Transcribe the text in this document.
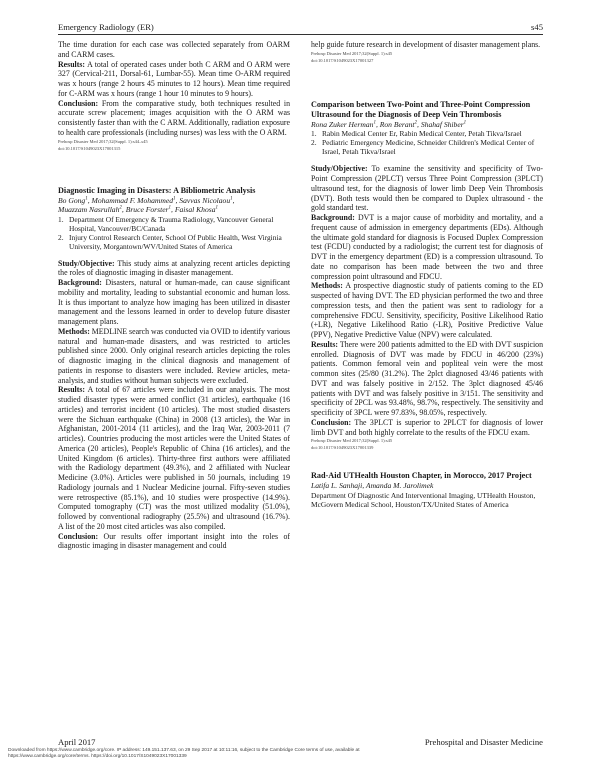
Emergency Radiology (ER)	s45

The time duration for each case was collected separately from OARM and CARM cases.

Results: A total of operated cases under both C ARM and O ARM were 327 (Cervical-211, Dorsal-61, Lumbar-55). Mean time O-ARM required was x hours (range 2 hours 45 minutes to 12 hours). Mean time required for C-ARM was x hours (range 1 hour 10 minutes to 9 hours).

Conclusion: From the comparative study, both techniques resulted in accurate screw placement; images acquisition with the O ARM was consistently faster than with the C ARM. Additionally, radiation exposure to health care professionals (including nurses) was less with the O ARM.

Prehosp Disaster Med 2017;32(Suppl. 1):s44–s45
doi:10.1017/S1049023X17001315
Diagnostic Imaging in Disasters: A Bibliometric Analysis
Bo Gong$^1$, Mohammad F. Mohammed$^1$, Savvas Nicolaou$^1$,
Muazzam Nasrullah$^2$, Bruce Forster$^1$, Faisal Khosa$^1$
1. Department Of Emergency & Trauma Radiology, Vancouver General Hospital, Vancouver/BC/Canada
2. Injury Control Research Center, School Of Public Health, West Virginia University, Morgantown/WV/United States of America

Study/Objective: This study aims at analyzing recent articles depicting the roles of diagnostic imaging in disaster management.

Background: Disasters, natural or human-made, can cause significant mobility and mortality, leading to substantial economic and human loss. It is thus important to analyze how imaging has been utilized in disaster management and the lessons learned in order to develop future disaster management plans.

Methods: MEDLINE search was conducted via OVID to identify various natural and human-made disasters, and was restricted to articles published since 2000. Only original research articles depicting the roles of diagnostic imaging in the clinical diagnosis and management of patients in response to disasters were included. Review articles, meta-analysis, and studies without human subjects were excluded.

Results: A total of 67 articles were included in our analysis. The most studied disaster types were armed conflict (31 articles), earthquake (16 articles) and terrorist incident (10 articles). The most studied disasters were the Sichuan earthquake (China) in 2008 (13 articles), the War in Afghanistan, 2001-2014 (11 articles), and the Iraq War, 2003-2011 (7 articles). Countries producing the most articles were the United States of America (20 articles), People's Republic of China (16 articles), and the United Kingdom (6 articles). Thirty-three first authors were affiliated with the Radiology department (49.3%), and 2 affiliated with Nuclear Medicine (3.0%). Articles were published in 50 journals, including 19 Radiology journals and 1 Nuclear Medicine journal. Fifty-seven studies were retrospective (85.1%), and 10 studies were prospective (14.9%). Computed tomography (CT) was the most utilized modality (51.0%), followed by conventional radiography (25.5%) and ultrasound (16.7%). A list of the 20 most cited articles was also compiled.

Conclusion: Our results offer important insight into the roles of diagnostic imaging in disaster management and could

help guide future research in development of disaster management plans.

Prehosp Disaster Med 2017;32(Suppl. 1):s45
doi:10.1017/S1049023X17001327
Comparison between Two-Point and Three-Point Compression Ultrasound for the Diagnosis of Deep Vein Thrombosis
Rona Zuker Herman$^1$, Ron Berant$^2$, Shahaf Shiber$^1$
1. Rabin Medical Center Er, Rabin Medical Center, Petah Tikva/Israel
2. Pediatric Emergency Medicine, Schneider Children's Medical Center of Israel, Petah Tikva/Israel

Study/Objective: To examine the sensitivity and specificity of Two-Point Compression (2PLCT) versus Three Point Compression (3PLCT) ultrasound test, for the diagnosis of lower limb Deep Vein Thrombosis (DVT). Both tests would then be compared to Duplex ultrasound - the gold standard test.

Background: DVT is a major cause of morbidity and mortality, and a frequent cause of admission in emergency departments (EDs). Although the ultimate gold standard for diagnosis is Focused Duplex Compression test (FCDU) conducted by a radiologist; the current test for diagnosis of DVT in the emergency department (ED) is a compression ultrasound. To date no comparison has been made between the two and three compression point ultrasound and FDCU.

Methods: A prospective diagnostic study of patients coming to the ED suspected of having DVT. The ED physician performed the two and three compression tests, and then the patient was sent to radiology for a comprehensive FDCU. Sensitivity, specificity, Positive Likelihood Ratio (+LR), Negative Likelihood Ratio (-LR), Positive Predictive Value (PPV), Negative Predictive Value (NPV) were calculated.

Results: There were 200 patients admitted to the ED with DVT suspicion enrolled. Diagnosis of DVT was made by FDCU in 46/200 (23%) patients. Common femoral vein and popliteal vein were the most common sites (25/80 (31.2%). The 2plct diagnosed 43/46 patients with DVT and was falsely positive in 2/152. The 3plct diagnosed 45/46 patients with DVT and was falsely positive in 3/151. The sensitivity and specificity of 2PCL was 93.48%, 98.7%, respectively. The sensitivity and specificity of 3PCL were 97.83%, 98.05%, respectively.

Conclusion: The 3PLCT is superior to 2PLCT for diagnosis of lower limb DVT and both highly correlate to the results of the FDCU exam.

Prehosp Disaster Med 2017;32(Suppl. 1):s45
doi:10.1017/S1049023X17001339
Rad-Aid UTHealth Houston Chapter, in Morocco, 2017 Project
Latifa L. Sanhaji, Amanda M. Jarolimek
Department Of Diagnostic And Interventional Imaging, UTHealth Houston, McGovern Medical School, Houston/TX/United States of America
April 2017	Prehospital and Disaster Medicine
Downloaded from https://www.cambridge.org/core. IP address: 149.151.137.63, on 29 Sep 2017 at 10:11:16, subject to the Cambridge Core terms of use, available at
https://www.cambridge.org/core/terms. https://doi.org/10.1017/S1049023X17001339
